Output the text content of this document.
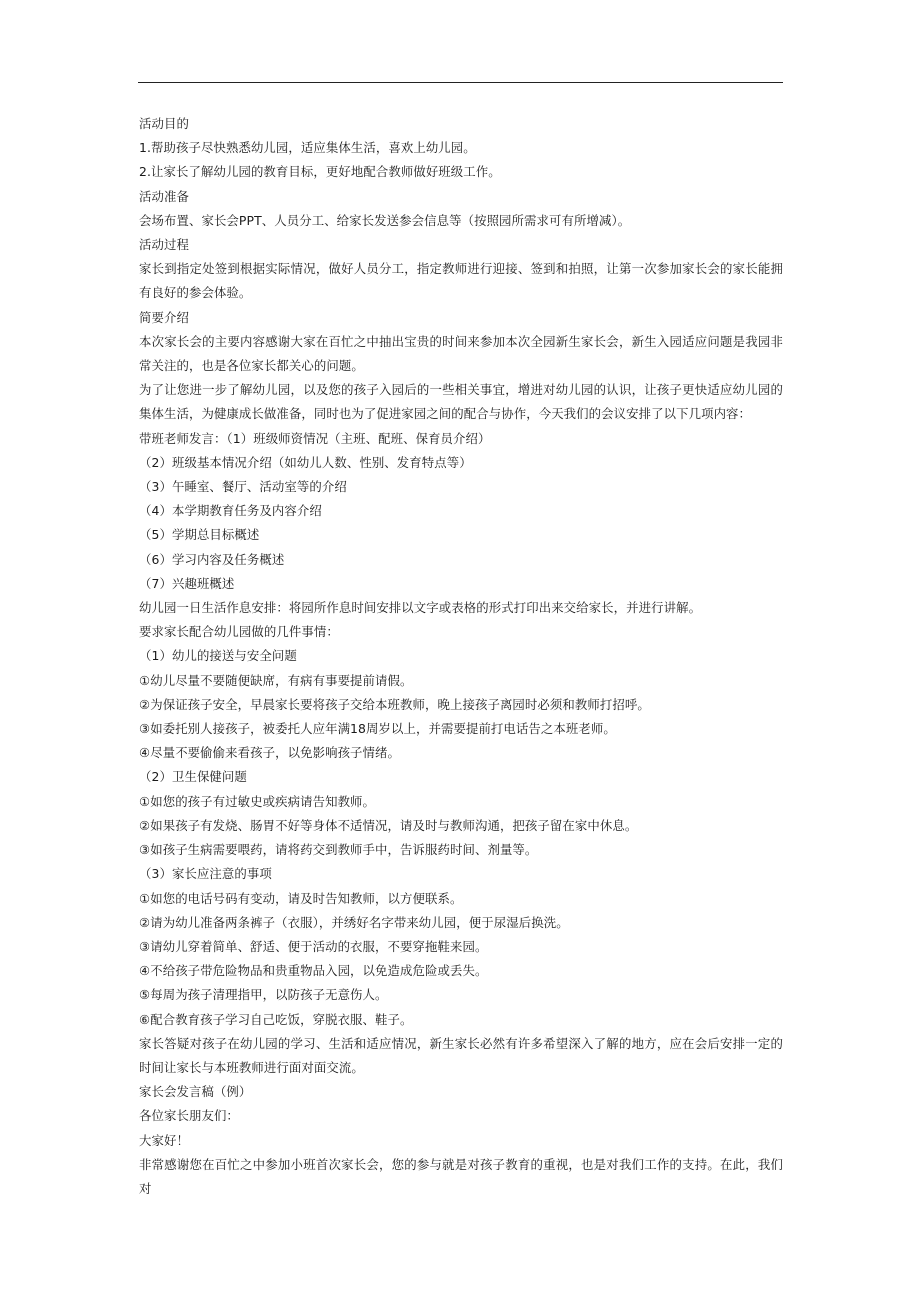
活动目的
1.帮助孩子尽快熟悉幼儿园，适应集体生活，喜欢上幼儿园。
2.让家长了解幼儿园的教育目标，更好地配合教师做好班级工作。
活动准备
会场布置、家长会PPT、人员分工、给家长发送参会信息等（按照园所需求可有所增减）。
活动过程
家长到指定处签到根据实际情况，做好人员分工，指定教师进行迎接、签到和拍照，让第一次参加家长会的家长能拥有良好的参会体验。
简要介绍
本次家长会的主要内容感谢大家在百忙之中抽出宝贵的时间来参加本次全园新生家长会，新生入园适应问题是我园非常关注的，也是各位家长都关心的问题。
为了让您进一步了解幼儿园，以及您的孩子入园后的一些相关事宜，增进对幼儿园的认识，让孩子更快适应幼儿园的集体生活，为健康成长做准备，同时也为了促进家园之间的配合与协作，今天我们的会议安排了以下几项内容：
带班老师发言：（1）班级师资情况（主班、配班、保育员介绍）
（2）班级基本情况介绍（如幼儿人数、性别、发育特点等）
（3）午睡室、餐厅、活动室等的介绍
（4）本学期教育任务及内容介绍
（5）学期总目标概述
（6）学习内容及任务概述
（7）兴趣班概述
幼儿园一日生活作息安排：将园所作息时间安排以文字或表格的形式打印出来交给家长，并进行讲解。
要求家长配合幼儿园做的几件事情：
（1）幼儿的接送与安全问题
①幼儿尽量不要随便缺席，有病有事要提前请假。
②为保证孩子安全，早晨家长要将孩子交给本班教师，晚上接孩子离园时必须和教师打招呼。
③如委托别人接孩子，被委托人应年满18周岁以上，并需要提前打电话告之本班老师。
④尽量不要偷偷来看孩子，以免影响孩子情绪。
（2）卫生保健问题
①如您的孩子有过敏史或疾病请告知教师。
②如果孩子有发烧、肠胃不好等身体不适情况，请及时与教师沟通，把孩子留在家中休息。
③如孩子生病需要喂药，请将药交到教师手中，告诉服药时间、剂量等。
（3）家长应注意的事项
①如您的电话号码有变动，请及时告知教师，以方便联系。
②请为幼儿准备两条裤子（衣服），并绣好名字带来幼儿园，便于尿湿后换洗。
③请幼儿穿着简单、舒适、便于活动的衣服，不要穿拖鞋来园。
④不给孩子带危险物品和贵重物品入园，以免造成危险或丢失。
⑤每周为孩子清理指甲，以防孩子无意伤人。
⑥配合教育孩子学习自己吃饭，穿脱衣服、鞋子。
家长答疑对孩子在幼儿园的学习、生活和适应情况，新生家长必然有许多希望深入了解的地方，应在会后安排一定的时间让家长与本班教师进行面对面交流。
家长会发言稿（例）
各位家长朋友们：
大家好！
非常感谢您在百忙之中参加小班首次家长会，您的参与就是对孩子教育的重视，也是对我们工作的支持。在此，我们对
